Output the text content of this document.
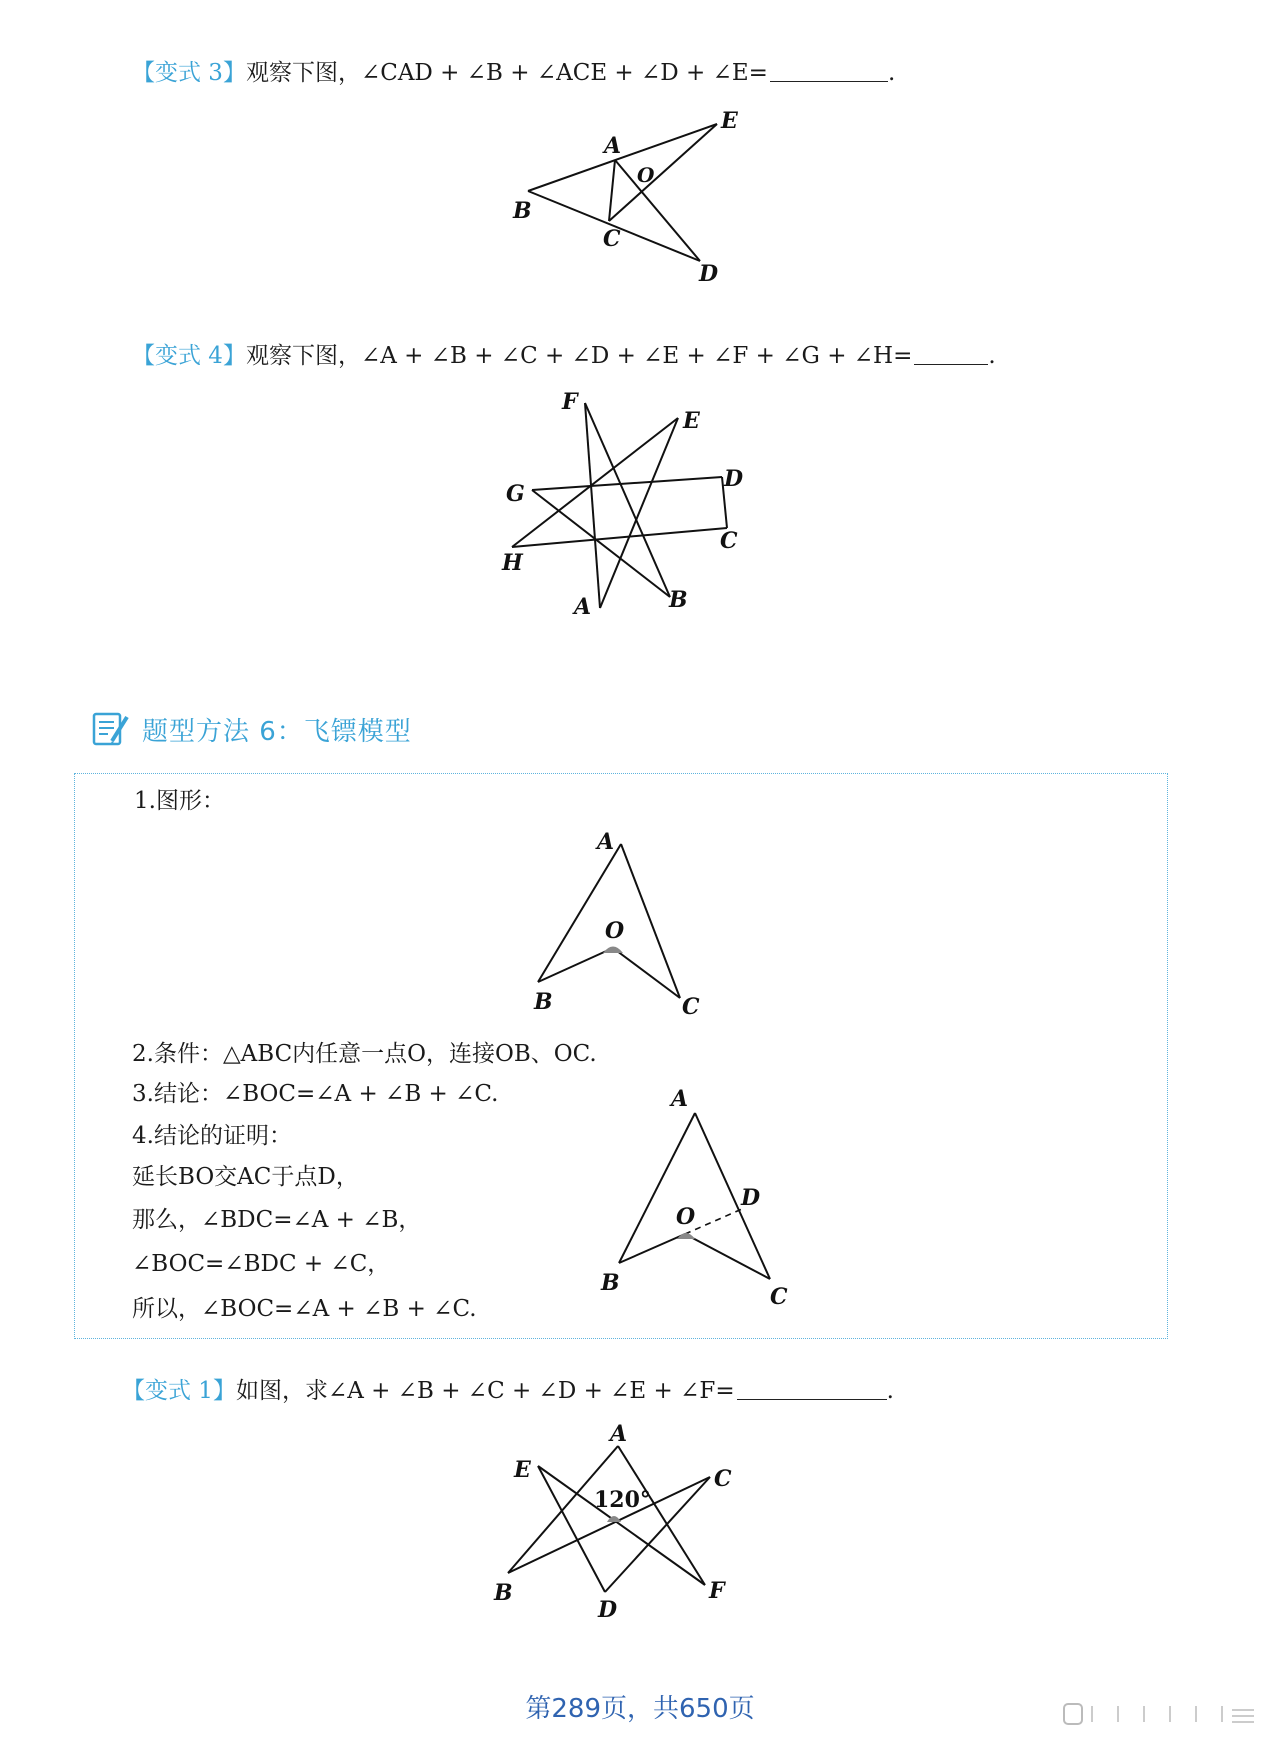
【变式 3】观察下图，∠CAD + ∠B + ∠ACE + ∠D + ∠E=	.
A
E
O
B
C
D
【变式 4】观察下图，∠A + ∠B + ∠C + ∠D + ∠E + ∠F + ∠G + ∠H=	.
F
E
D
G
C
H
A	B
题型方法 6：飞镖模型
1.图形：
A
O
B	C
2.条件：△ABC内任意一点O，连接OB、OC.
3.结论：∠BOC=∠A + ∠B + ∠C.
4.结论的证明：
延长BO交AC于点D，
那么，∠BDC=∠A + ∠B，
∠BOC=∠BDC + ∠C，
所以，∠BOC=∠A + ∠B + ∠C.
A
D
O
B
C
【变式 1】如图，求∠A + ∠B + ∠C + ∠D + ∠E + ∠F=	.
A
E	C
120°
B
D
F
第289页，共650页
